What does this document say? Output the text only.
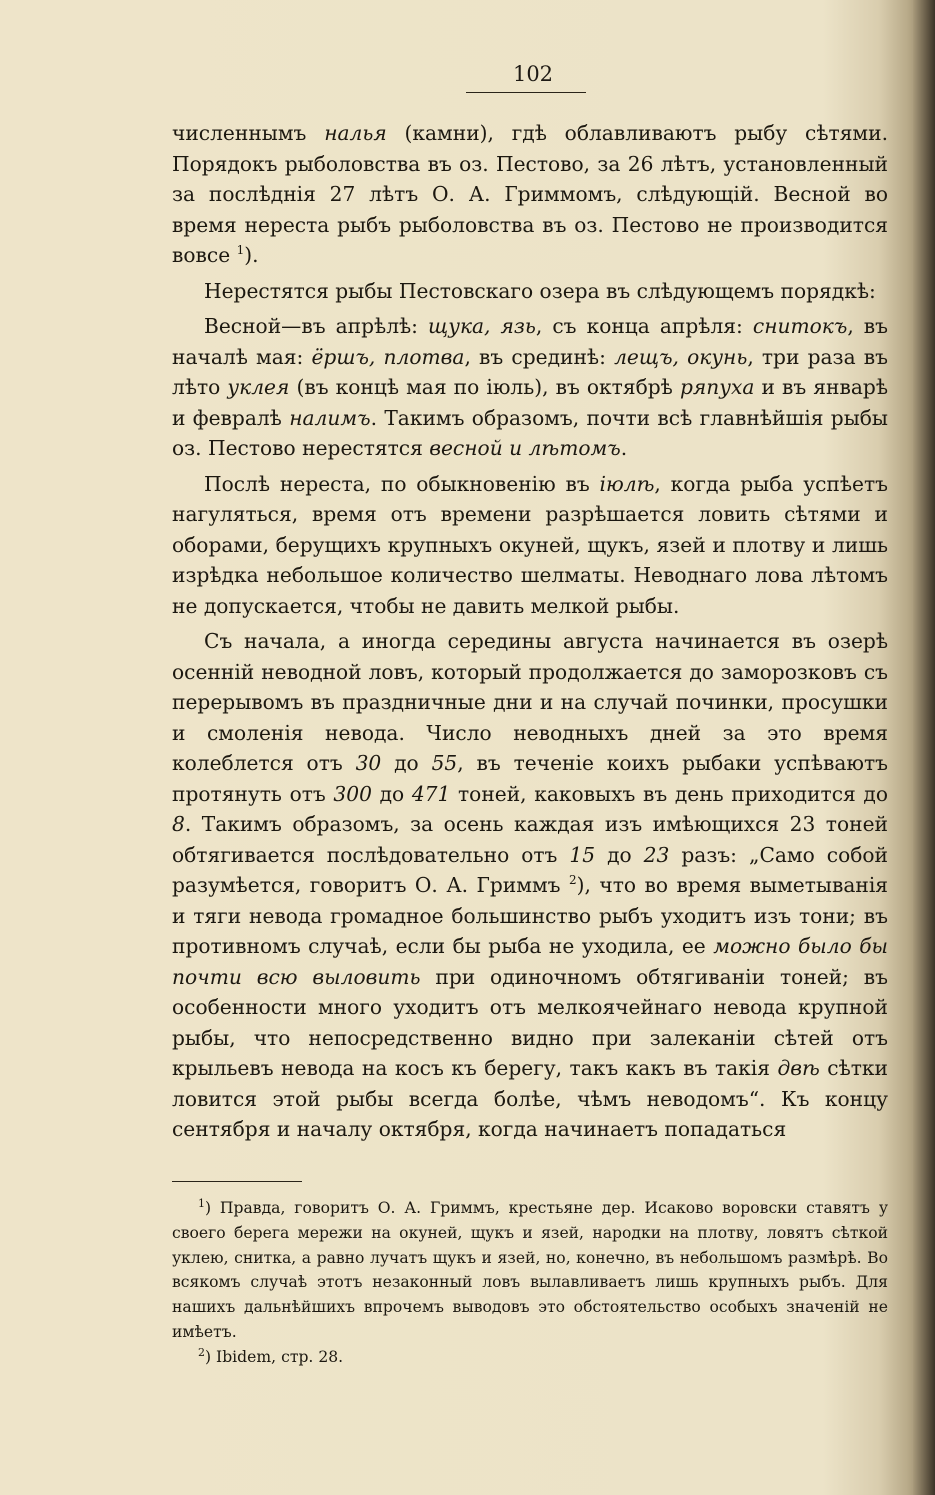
102

численнымъ налья (камни), гдѣ облавливаютъ рыбу сѣтями. Порядокъ рыболовства въ оз. Пестово, за 26 лѣтъ, установленный за послѣднія 27 лѣтъ О. А. Гриммомъ, слѣдующій. Весной во время нереста рыбъ рыболовства въ оз. Пестово не производится вовсе $^1$).

Нерестятся рыбы Пестовскаго озера въ слѣдующемъ порядкѣ:

Весной—въ апрѣлѣ: щука, язь, съ конца апрѣля: снитокъ, въ началѣ мая: ёршъ, плотва, въ срединѣ: лещъ, окунь, три раза въ лѣто уклея (въ концѣ мая по іюль), въ октябрѣ ряпуха и въ январѣ и февралѣ налимъ. Такимъ образомъ, почти всѣ главнѣйшія рыбы оз. Пестово нерестятся весной и лѣтомъ.

Послѣ нереста, по обыкновенію въ іюлѣ, когда рыба успѣетъ нагуляться, время отъ времени разрѣшается ловить сѣтями и оборами, берущихъ крупныхъ окуней, щукъ, язей и плотву и лишь изрѣдка небольшое количество шелматы. Неводнаго лова лѣтомъ не допускается, чтобы не давить мелкой рыбы.

Съ начала, а иногда середины августа начинается въ озерѣ осенній неводной ловъ, который продолжается до заморозковъ съ перерывомъ въ праздничные дни и на случай починки, просушки и смоленія невода. Число неводныхъ дней за это время колеблется отъ 30 до 55, въ теченіе коихъ рыбаки успѣваютъ протянуть отъ 300 до 471 тоней, каковыхъ въ день приходится до 8. Такимъ образомъ, за осень каждая изъ имѣющихся 23 тоней обтягивается послѣдовательно отъ 15 до 23 разъ: „Само собой разумѣется, говоритъ О. А. Гриммъ $^2$), что во время выметыванія и тяги невода громадное большинство рыбъ уходитъ изъ тони; въ противномъ случаѣ, если бы рыба не уходила, ее можно было бы почти всю выловить при одиночномъ обтягиваніи тоней; въ особенности много уходитъ отъ мелкоячейнаго невода крупной рыбы, что непосредственно видно при залеканіи сѣтей отъ крыльевъ невода на косъ къ берегу, такъ какъ въ такія двѣ сѣтки ловится этой рыбы всегда болѣе, чѣмъ неводомъ“. Къ концу сентября и началу октября, когда начинаетъ попадаться

$^1$) Правда, говоритъ О. А. Гриммъ, крестьяне дер. Исаково воровски ставятъ у своего берега мережи на окуней, щукъ и язей, народки на плотву, ловятъ сѣткой уклею, снитка, а равно лучатъ щукъ и язей, но, конечно, въ небольшомъ размѣрѣ. Во всякомъ случаѣ этотъ незаконный ловъ вылавливаетъ лишь крупныхъ рыбъ. Для нашихъ дальнѣйшихъ впрочемъ выводовъ это обстоятельство особыхъ значеній не имѣетъ.

$^2$) Ibidem, стр. 28.
